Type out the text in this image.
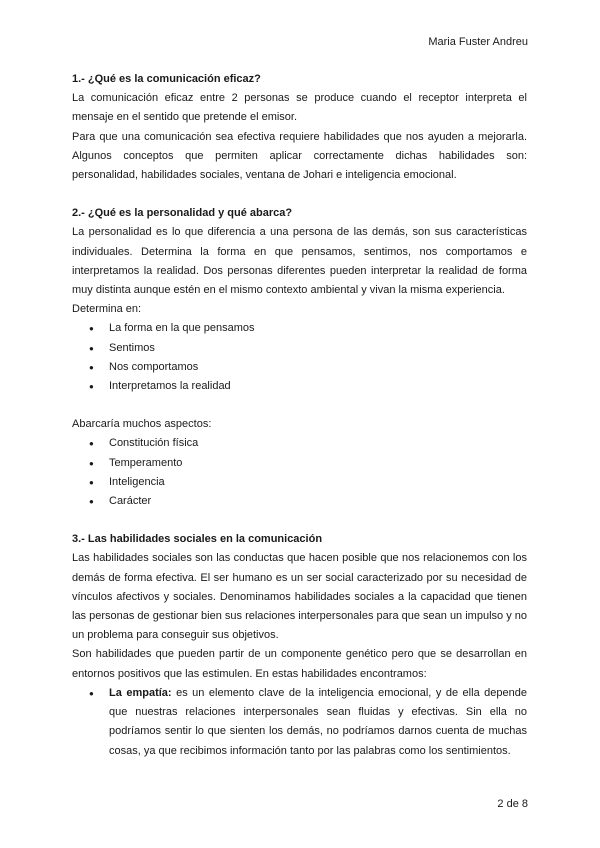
Maria Fuster Andreu
1.- ¿Qué es la comunicación eficaz?

La comunicación eficaz entre 2 personas se produce cuando el receptor interpreta el mensaje en el sentido que pretende el emisor.

Para que una comunicación sea efectiva requiere habilidades que nos ayuden a mejorarla. Algunos conceptos que permiten aplicar correctamente dichas habilidades son: personalidad, habilidades sociales, ventana de Johari e inteligencia emocional.

2.- ¿Qué es la personalidad y qué abarca?

La personalidad es lo que diferencia a una persona de las demás, son sus características individuales. Determina la forma en que pensamos, sentimos, nos comportamos e interpretamos la realidad. Dos personas diferentes pueden interpretar la realidad de forma muy distinta aunque estén en el mismo contexto ambiental y vivan la misma experiencia.

Determina en:

● La forma en la que pensamos
● Sentimos
● Nos comportamos
● Interpretamos la realidad

Abarcaría muchos aspectos:

● Constitución física
● Temperamento
● Inteligencia
● Carácter
3.- Las habilidades sociales en la comunicación

Las habilidades sociales son las conductas que hacen posible que nos relacionemos con los demás de forma efectiva. El ser humano es un ser social caracterizado por su necesidad de vínculos afectivos y sociales. Denominamos habilidades sociales a la capacidad que tienen las personas de gestionar bien sus relaciones interpersonales para que sean un impulso y no un problema para conseguir sus objetivos.

Son habilidades que pueden partir de un componente genético pero que se desarrollan en entornos positivos que las estimulen. En estas habilidades encontramos:

● La empatía: es un elemento clave de la inteligencia emocional, y de ella depende que nuestras relaciones interpersonales sean fluidas y efectivas. Sin ella no podríamos sentir lo que sienten los demás, no podríamos darnos cuenta de muchas cosas, ya que recibimos información tanto por las palabras como los sentimientos.
2 de 8
